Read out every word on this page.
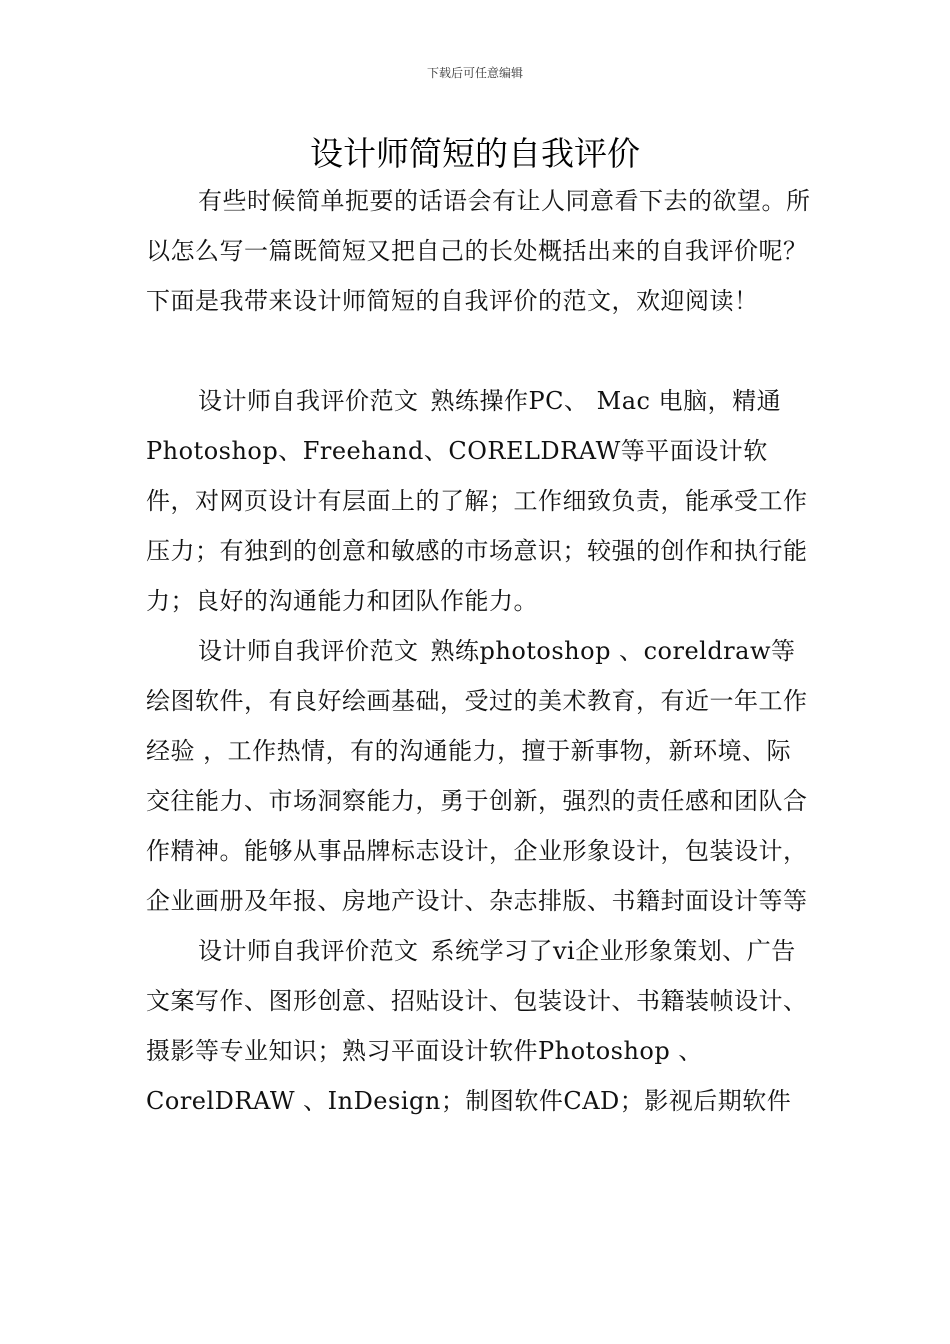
下载后可任意编辑
设计师简短的自我评价

有些时候简单扼要的话语会有让人同意看下去的欲望。所以怎么写一篇既简短又把自己的长处概括出来的自我评价呢？下面是我带来设计师简短的自我评价的范文，欢迎阅读！

设计师自我评价范文 熟练操作PC、 Mac 电脑，精通Photoshop、Freehand、CORELDRAW等平面设计软件，对网页设计有层面上的了解；工作细致负责，能承受工作压力；有独到的创意和敏感的市场意识；较强的创作和执行能力；良好的沟通能力和团队作能力。

设计师自我评价范文 熟练photoshop 、coreldraw等绘图软件，有良好绘画基础，受过的美术教育，有近一年工作经验 ，工作热情，有的沟通能力，擅于新事物，新环境、际交往能力、市场洞察能力，勇于创新，强烈的责任感和团队合作精神。能够从事品牌标志设计，企业形象设计，包装设计，企业画册及年报、房地产设计、杂志排版、书籍封面设计等等

设计师自我评价范文 系统学习了vi企业形象策划、广告文案写作、图形创意、招贴设计、包装设计、书籍装帧设计、摄影等专业知识；熟习平面设计软件Photoshop 、CorelDRAW 、InDesign；制图软件CAD；影视后期软件
